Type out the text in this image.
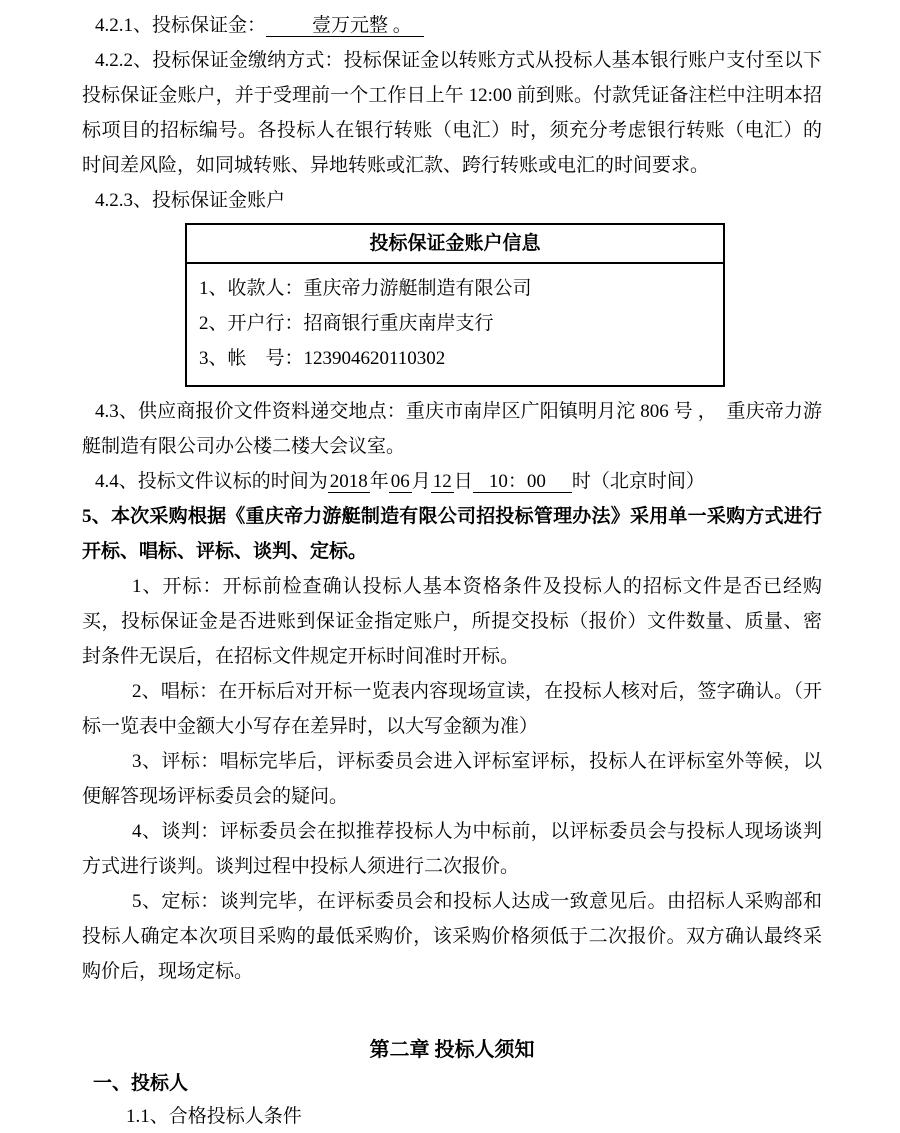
4.2.1、投标保证金： 壹万元整 。

4.2.2、投标保证金缴纳方式：投标保证金以转账方式从投标人基本银行账户支付至以下投标保证金账户，并于受理前一个工作日上午 12:00 前到账。付款凭证备注栏中注明本招标项目的招标编号。各投标人在银行转账（电汇）时，须充分考虑银行转账（电汇）的时间差风险，如同城转账、异地转账或汇款、跨行转账或电汇的时间要求。

4.2.3、投标保证金账户

投标保证金账户信息
1、收款人：重庆帝力游艇制造有限公司
2、开户行：招商银行重庆南岸支行
3、帐　号：123904620110302

4.3、供应商报价文件资料递交地点：重庆市南岸区广阳镇明月沱 806 号 ，　重庆帝力游艇制造有限公司办公楼二楼大会议室。

4.4、投标文件议标的时间为 2018 年 06 月 12 日 10：00 时（北京时间）

5、本次采购根据《重庆帝力游艇制造有限公司招投标管理办法》采用单一采购方式进行开标、唱标、评标、谈判、定标。

1、开标：开标前检查确认投标人基本资格条件及投标人的招标文件是否已经购买，投标保证金是否进账到保证金指定账户，所提交投标（报价）文件数量、质量、密封条件无误后，在招标文件规定开标时间准时开标。

2、唱标：在开标后对开标一览表内容现场宣读，在投标人核对后，签字确认。（开标一览表中金额大小写存在差异时，以大写金额为准）

3、评标：唱标完毕后，评标委员会进入评标室评标，投标人在评标室外等候，以便解答现场评标委员会的疑问。

4、谈判：评标委员会在拟推荐投标人为中标前，以评标委员会与投标人现场谈判方式进行谈判。谈判过程中投标人须进行二次报价。

5、定标：谈判完毕，在评标委员会和投标人达成一致意见后。由招标人采购部和投标人确定本次项目采购的最低采购价，该采购价格须低于二次报价。双方确认最终采购价后，现场定标。

第二章 投标人须知

一、投标人

1.1、合格投标人条件
